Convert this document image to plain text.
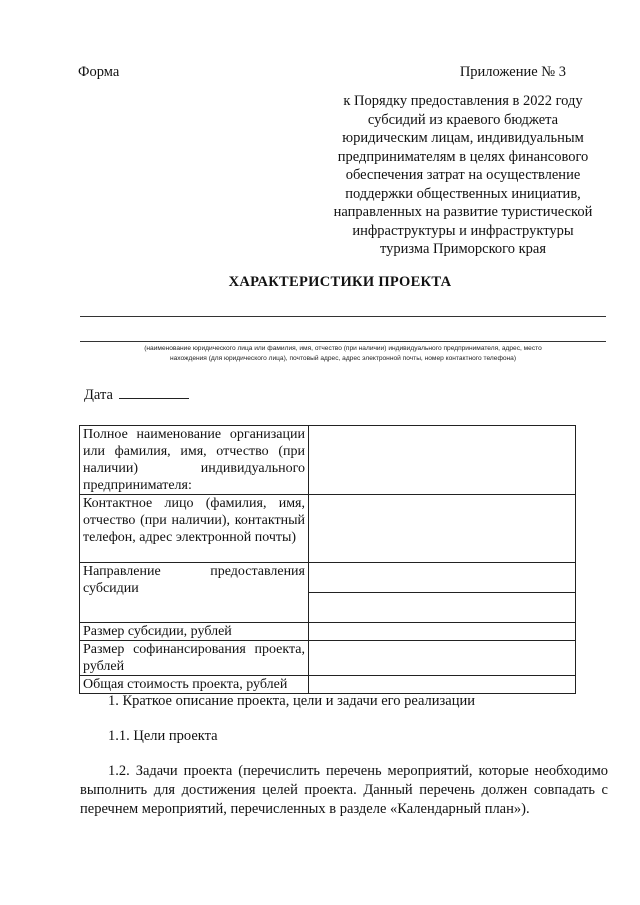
Форма	Приложение № 3
к Порядку предоставления в 2022 году
субсидий из краевого бюджета
юридическим лицам, индивидуальным
предпринимателям в целях финансового
обеспечения затрат на осуществление
поддержки общественных инициатив,
направленных на развитие туристической
инфраструктуры и инфраструктуры
туризма Приморского края
ХАРАКТЕРИСТИКИ ПРОЕКТА
(наименование юридического лица или фамилия, имя, отчество (при наличии) индивидуального предпринимателя, адрес, место
нахождения (для юридического лица), почтовый адрес, адрес электронной почты, номер контактного телефона)
Дата
Полное наименование организации или фамилия, имя, отчество (при наличии) индивидуального предпринимателя:	
Контактное лицо (фамилия, имя, отчество (при наличии), контактный телефон, адрес электронной почты)	
Направление предоставления субсидии	

Размер субсидии, рублей	
Размер софинансирования проекта, рублей	
Общая стоимость проекта, рублей	
1. Краткое описание проекта, цели и задачи его реализации
1.1. Цели проекта
1.2. Задачи проекта (перечислить перечень мероприятий, которые необходимо выполнить для достижения целей проекта. Данный перечень должен совпадать с перечнем мероприятий, перечисленных в разделе «Календарный план»).
